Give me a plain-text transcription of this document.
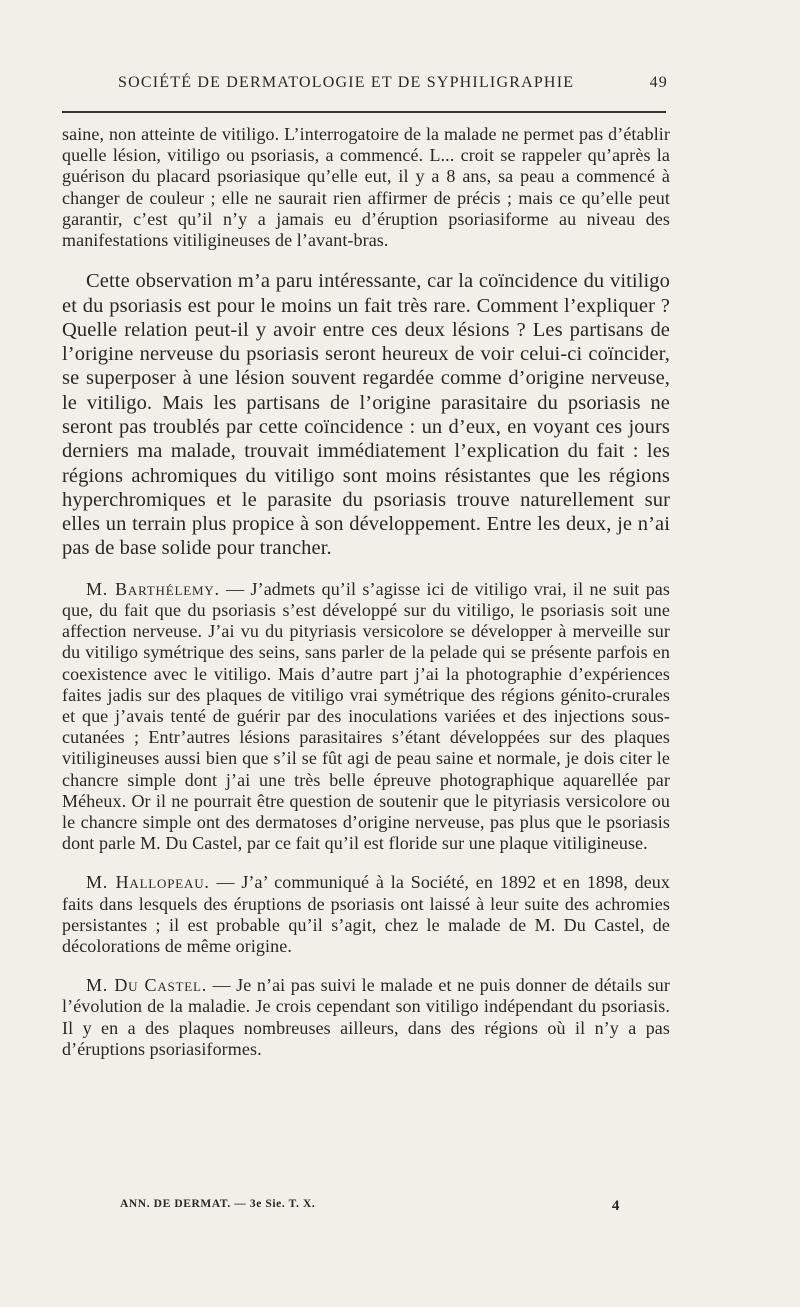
SOCIÉTÉ DE DERMATOLOGIE ET DE SYPHILIGRAPHIE	49

saine, non atteinte de vitiligo. L’interrogatoire de la malade ne permet pas d’établir quelle lésion, vitiligo ou psoriasis, a commencé. L... croit se rappeler qu’après la guérison du placard psoriasique qu’elle eut, il y a 8 ans, sa peau a commencé à changer de couleur ; elle ne saurait rien affirmer de précis ; mais ce qu’elle peut garantir, c’est qu’il n’y a jamais eu d’éruption psoriasiforme au niveau des manifestations vitiligineuses de l’avant-bras.

Cette observation m’a paru intéressante, car la coïncidence du vitiligo et du psoriasis est pour le moins un fait très rare. Comment l’expliquer ? Quelle relation peut-il y avoir entre ces deux lésions ? Les partisans de l’origine nerveuse du psoriasis seront heureux de voir celui-ci coïncider, se superposer à une lésion souvent regardée comme d’origine nerveuse, le vitiligo. Mais les partisans de l’origine parasitaire du psoriasis ne seront pas troublés par cette coïncidence : un d’eux, en voyant ces jours derniers ma malade, trouvait immédiatement l’explication du fait : les régions achromiques du vitiligo sont moins résistantes que les régions hyperchromiques et le parasite du psoriasis trouve naturellement sur elles un terrain plus propice à son développement. Entre les deux, je n’ai pas de base solide pour trancher.

M. Barthélemy. — J’admets qu’il s’agisse ici de vitiligo vrai, il ne suit pas que, du fait que du psoriasis s’est développé sur du vitiligo, le psoriasis soit une affection nerveuse. J’ai vu du pityriasis versicolore se développer à merveille sur du vitiligo symétrique des seins, sans parler de la pelade qui se présente parfois en coexistence avec le vitiligo. Mais d’autre part j’ai la photographie d’expériences faites jadis sur des plaques de vitiligo vrai symétrique des régions génito-crurales et que j’avais tenté de guérir par des inoculations variées et des injections sous-cutanées ; Entr’autres lésions parasitaires s’étant développées sur des plaques vitiligineuses aussi bien que s’il se fût agi de peau saine et normale, je dois citer le chancre simple dont j’ai une très belle épreuve photographique aquarellée par Méheux. Or il ne pourrait être question de soutenir que le pityriasis versicolore ou le chancre simple ont des dermatoses d’origine nerveuse, pas plus que le psoriasis dont parle M. Du Castel, par ce fait qu’il est floride sur une plaque vitiligineuse.

M. Hallopeau. — J’a’ communiqué à la Société, en 1892 et en 1898, deux faits dans lesquels des éruptions de psoriasis ont laissé à leur suite des achromies persistantes ; il est probable qu’il s’agit, chez le malade de M. Du Castel, de décolorations de même origine.

M. Du Castel. — Je n’ai pas suivi le malade et ne puis donner de détails sur l’évolution de la maladie. Je crois cependant son vitiligo indépendant du psoriasis. Il y en a des plaques nombreuses ailleurs, dans des régions où il n’y a pas d’éruptions psoriasiformes.

ANN. DE DERMAT. — 3e Sie. T. X.	4
